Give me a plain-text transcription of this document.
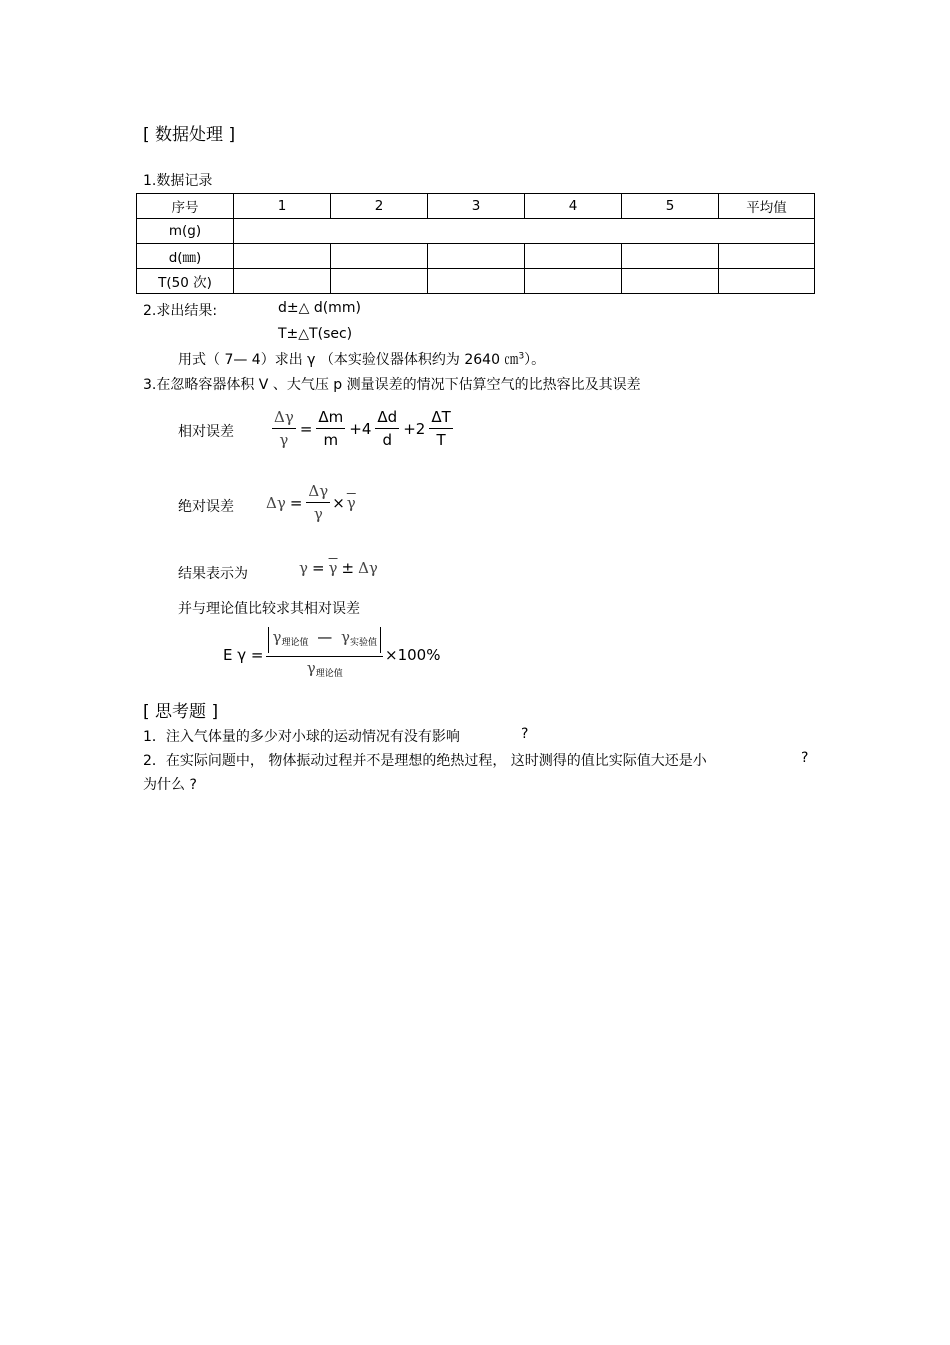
[ 数据处理 ]
1.数据记录
序号	1	2	3	4	5	平均值
m(g)						
d(㎜)						
T(50 次)						
2.求出结果:	d±△ d(mm)
T±△T(sec)
用式（ 7— 4）求出 γ （本实验仪器体积约为 2640 ㎝$^3$）。
3.在忽略容器体积 V 、大气压 p 测量误差的情况下估算空气的比热容比及其误差
相对误差	$\frac{\Delta\gamma}{\gamma} = \frac{\Delta m}{m} +4 \frac{\Delta d}{d} +2 \frac{\Delta T}{T}$
绝对误差 $\Delta\gamma = \frac{\Delta\gamma}{\gamma} \times \overline{\gamma}$
结果表示为	$\gamma = \overline{\gamma} \pm \Delta\gamma$
并与理论值比较求其相对误差
E $\gamma = \frac{\gamma_{理论值} — \gamma_{实验值}}{\gamma_{理论值}} \times 100\%$
[ 思考题 ]
1．注入气体量的多少对小球的运动情况有没有影响	?
2．在实际问题中， 物体振动过程并不是理想的绝热过程， 这时测得的值比实际值大还是小	?
为什么 ?
